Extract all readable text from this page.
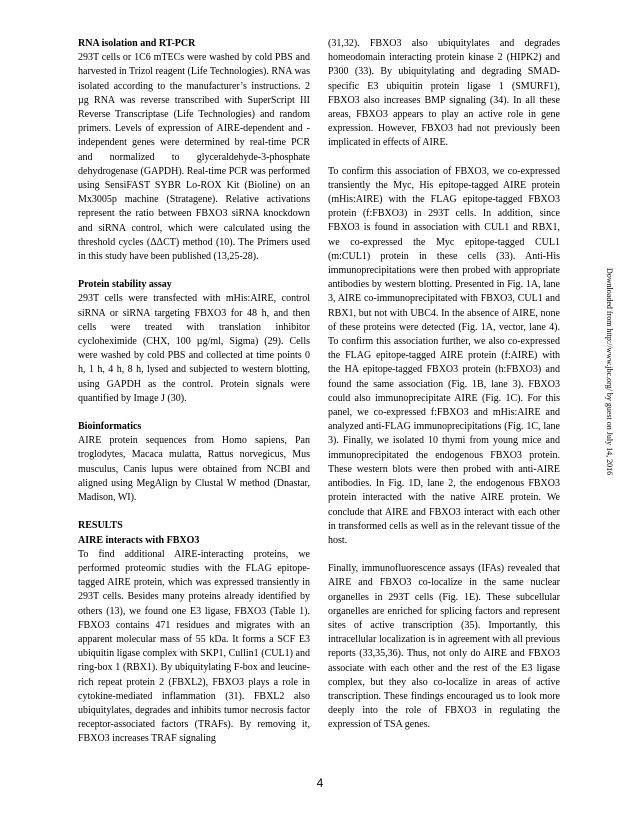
RNA isolation and RT-PCR

293T cells or 1C6 mTECs were washed by cold PBS and harvested in Trizol reagent (Life Technologies). RNA was isolated according to the manufacturer’s instructions. 2 µg RNA was reverse transcribed with SuperScript III Reverse Transcriptase (Life Technologies) and random primers. Levels of expression of AIRE-dependent and -independent genes were determined by real-time PCR and normalized to glyceraldehyde-3-phosphate dehydrogenase (GAPDH). Real-time PCR was performed using SensiFAST SYBR Lo-ROX Kit (Bioline) on an Mx3005p machine (Stratagene). Relative activations represent the ratio between FBXO3 siRNA knockdown and siRNA control, which were calculated using the threshold cycles (ΔΔCT) method (10). The Primers used in this study have been published (13,25-28).

Protein stability assay

293T cells were transfected with mHis:AIRE, control siRNA or siRNA targeting FBXO3 for 48 h, and then cells were treated with translation inhibitor cycloheximide (CHX, 100 µg/ml, Sigma) (29). Cells were washed by cold PBS and collected at time points 0 h, 1 h, 4 h, 8 h, lysed and subjected to western blotting, using GAPDH as the control. Protein signals were quantified by Image J (30).

Bioinformatics

AIRE protein sequences from Homo sapiens, Pan troglodytes, Macaca mulatta, Rattus norvegicus, Mus musculus, Canis lupus were obtained from NCBI and aligned using MegAlign by Clustal W method (Dnastar, Madison, WI).

RESULTS
AIRE interacts with FBXO3

To find additional AIRE-interacting proteins, we performed proteomic studies with the FLAG epitope-tagged AIRE protein, which was expressed transiently in 293T cells. Besides many proteins already identified by others (13), we found one E3 ligase, FBXO3 (Table 1). FBXO3 contains 471 residues and migrates with an apparent molecular mass of 55 kDa. It forms a SCF E3 ubiquitin ligase complex with SKP1, Cullin1 (CUL1) and ring-box 1 (RBX1). By ubiquitylating F-box and leucine-rich repeat protein 2 (FBXL2), FBXO3 plays a role in cytokine-mediated inflammation (31). FBXL2 also ubiquitylates, degrades and inhibits tumor necrosis factor receptor-associated factors (TRAFs). By removing it, FBXO3 increases TRAF signaling

(31,32). FBXO3 also ubiquitylates and degrades homeodomain interacting protein kinase 2 (HIPK2) and P300 (33). By ubiquitylating and degrading SMAD-specific E3 ubiquitin protein ligase 1 (SMURF1), FBXO3 also increases BMP signaling (34). In all these areas, FBXO3 appears to play an active role in gene expression. However, FBXO3 had not previously been implicated in effects of AIRE.

To confirm this association of FBXO3, we co-expressed transiently the Myc, His epitope-tagged AIRE protein (mHis:AIRE) with the FLAG epitope-tagged FBXO3 protein (f:FBXO3) in 293T cells. In addition, since FBXO3 is found in association with CUL1 and RBX1, we co-expressed the Myc epitope-tagged CUL1 (m:CUL1) protein in these cells (33). Anti-His immunoprecipitations were then probed with appropriate antibodies by western blotting. Presented in Fig. 1A, lane 3, AIRE co-immunoprecipitated with FBXO3, CUL1 and RBX1, but not with UBC4. In the absence of AIRE, none of these proteins were detected (Fig. 1A, vector, lane 4). To confirm this association further, we also co-expressed the FLAG epitope-tagged AIRE protein (f:AIRE) with the HA epitope-tagged FBXO3 protein (h:FBXO3) and found the same association (Fig. 1B, lane 3). FBXO3 could also immunoprecipitate AIRE (Fig. 1C). For this panel, we co-expressed f:FBXO3 and mHis:AIRE and analyzed anti-FLAG immunoprecipitations (Fig. 1C, lane 3). Finally, we isolated 10 thymi from young mice and immunoprecipitated the endogenous FBXO3 protein. These western blots were then probed with anti-AIRE antibodies. In Fig. 1D, lane 2, the endogenous FBXO3 protein interacted with the native AIRE protein. We conclude that AIRE and FBXO3 interact with each other in transformed cells as well as in the relevant tissue of the host.

Finally, immunofluorescence assays (IFAs) revealed that AIRE and FBXO3 co-localize in the same nuclear organelles in 293T cells (Fig. 1E). These subcellular organelles are enriched for splicing factors and represent sites of active transcription (35). Importantly, this intracellular localization is in agreement with all previous reports (33,35,36). Thus, not only do AIRE and FBXO3 associate with each other and the rest of the E3 ligase complex, but they also co-localize in areas of active transcription. These findings encouraged us to look more deeply into the role of FBXO3 in regulating the expression of TSA genes.

Downloaded from http://www.jbc.org/ by guest on July 14, 2016
4
